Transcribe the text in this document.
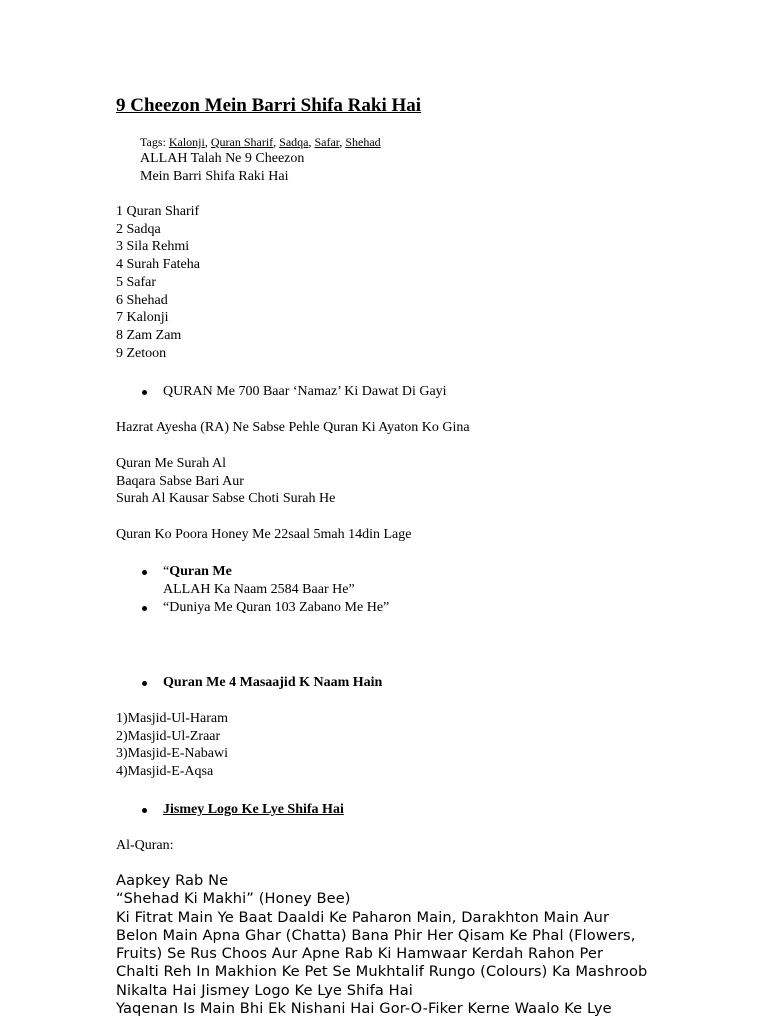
9 Cheezon Mein Barri Shifa Raki Hai
Tags: Kalonji, Quran Sharif, Sadqa, Safar, Shehad
ALLAH Talah Ne 9 Cheezon
Mein Barri Shifa Raki Hai
1 Quran Sharif
2 Sadqa
3 Sila Rehmi
4 Surah Fateha
5 Safar
6 Shehad
7 Kalonji
8 Zam Zam
9 Zetoon
QURAN Me 700 Baar ‘Namaz’ Ki Dawat Di Gayi
Hazrat Ayesha (RA) Ne Sabse Pehle Quran Ki Ayaton Ko Gina
Quran Me Surah Al
Baqara Sabse Bari Aur
Surah Al Kausar Sabse Choti Surah He
Quran Ko Poora Honey Me 22saal 5mah 14din Lage
“Quran Me
ALLAH Ka Naam 2584 Baar He”
“Duniya Me Quran 103 Zabano Me He”
Quran Me 4 Masaajid K Naam Hain
1)Masjid-Ul-Haram
2)Masjid-Ul-Zraar
3)Masjid-E-Nabawi
4)Masjid-E-Aqsa
Jismey Logo Ke Lye Shifa Hai
Al-Quran:
Aapkey Rab Ne
“Shehad Ki Makhi” (Honey Bee)
Ki Fitrat Main Ye Baat Daaldi Ke Paharon Main, Darakhton Main Aur
Belon Main Apna Ghar (Chatta) Bana Phir Her Qisam Ke Phal (Flowers,
Fruits) Se Rus Choos Aur Apne Rab Ki Hamwaar Kerdah Rahon Per
Chalti Reh In Makhion Ke Pet Se Mukhtalif Rungo (Colours) Ka Mashroob
Nikalta Hai Jismey Logo Ke Lye Shifa Hai
Yaqenan Is Main Bhi Ek Nishani Hai Gor-O-Fiker Kerne Waalo Ke Lye
